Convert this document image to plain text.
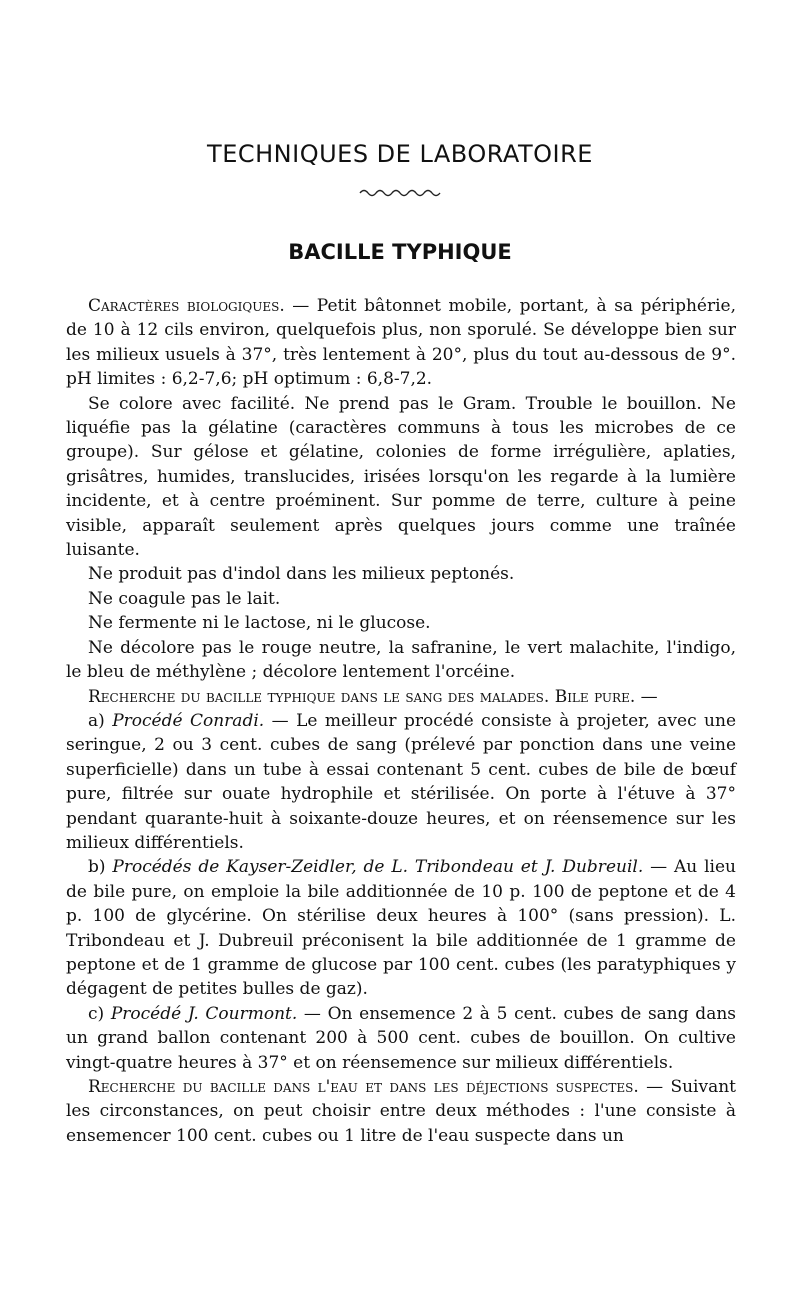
TECHNIQUES DE LABORATOIRE
BACILLE TYPHIQUE

Caractères biologiques. — Petit bâtonnet mobile, portant, à sa périphérie, de 10 à 12 cils environ, quelquefois plus, non sporulé. Se développe bien sur les milieux usuels à 37°, très lentement à 20°, plus du tout au-dessous de 9°. pH limites : 6,2-7,6; pH optimum : 6,8-7,2.

Se colore avec facilité. Ne prend pas le Gram. Trouble le bouillon. Ne liquéfie pas la gélatine (caractères communs à tous les microbes de ce groupe). Sur gélose et gélatine, colonies de forme irrégulière, aplaties, grisâtres, humides, translucides, irisées lorsqu'on les regarde à la lumière incidente, et à centre proéminent. Sur pomme de terre, culture à peine visible, apparaît seulement après quelques jours comme une traînée luisante.

Ne produit pas d'indol dans les milieux peptonés.

Ne coagule pas le lait.

Ne fermente ni le lactose, ni le glucose.

Ne décolore pas le rouge neutre, la safranine, le vert malachite, l'indigo, le bleu de méthylène ; décolore lentement l'orcéine.

Recherche du bacille typhique dans le sang des malades. Bile pure. —

a) Procédé Conradi. — Le meilleur procédé consiste à projeter, avec une seringue, 2 ou 3 cent. cubes de sang (prélevé par ponction dans une veine superficielle) dans un tube à essai contenant 5 cent. cubes de bile de bœuf pure, filtrée sur ouate hydrophile et stérilisée. On porte à l'étuve à 37° pendant quarante-huit à soixante-douze heures, et on réensemence sur les milieux différentiels.

b) Procédés de Kayser-Zeidler, de L. Tribondeau et J. Dubreuil. — Au lieu de bile pure, on emploie la bile additionnée de 10 p. 100 de peptone et de 4 p. 100 de glycérine. On stérilise deux heures à 100° (sans pression). L. Tribondeau et J. Dubreuil préconisent la bile additionnée de 1 gramme de peptone et de 1 gramme de glucose par 100 cent. cubes (les paratyphiques y dégagent de petites bulles de gaz).

c) Procédé J. Courmont. — On ensemence 2 à 5 cent. cubes de sang dans un grand ballon contenant 200 à 500 cent. cubes de bouillon. On cultive vingt-quatre heures à 37° et on réensemence sur milieux différentiels.

Recherche du bacille dans l'eau et dans les déjections suspectes. — Suivant les circonstances, on peut choisir entre deux méthodes : l'une consiste à ensemencer 100 cent. cubes ou 1 litre de l'eau suspecte dans un
